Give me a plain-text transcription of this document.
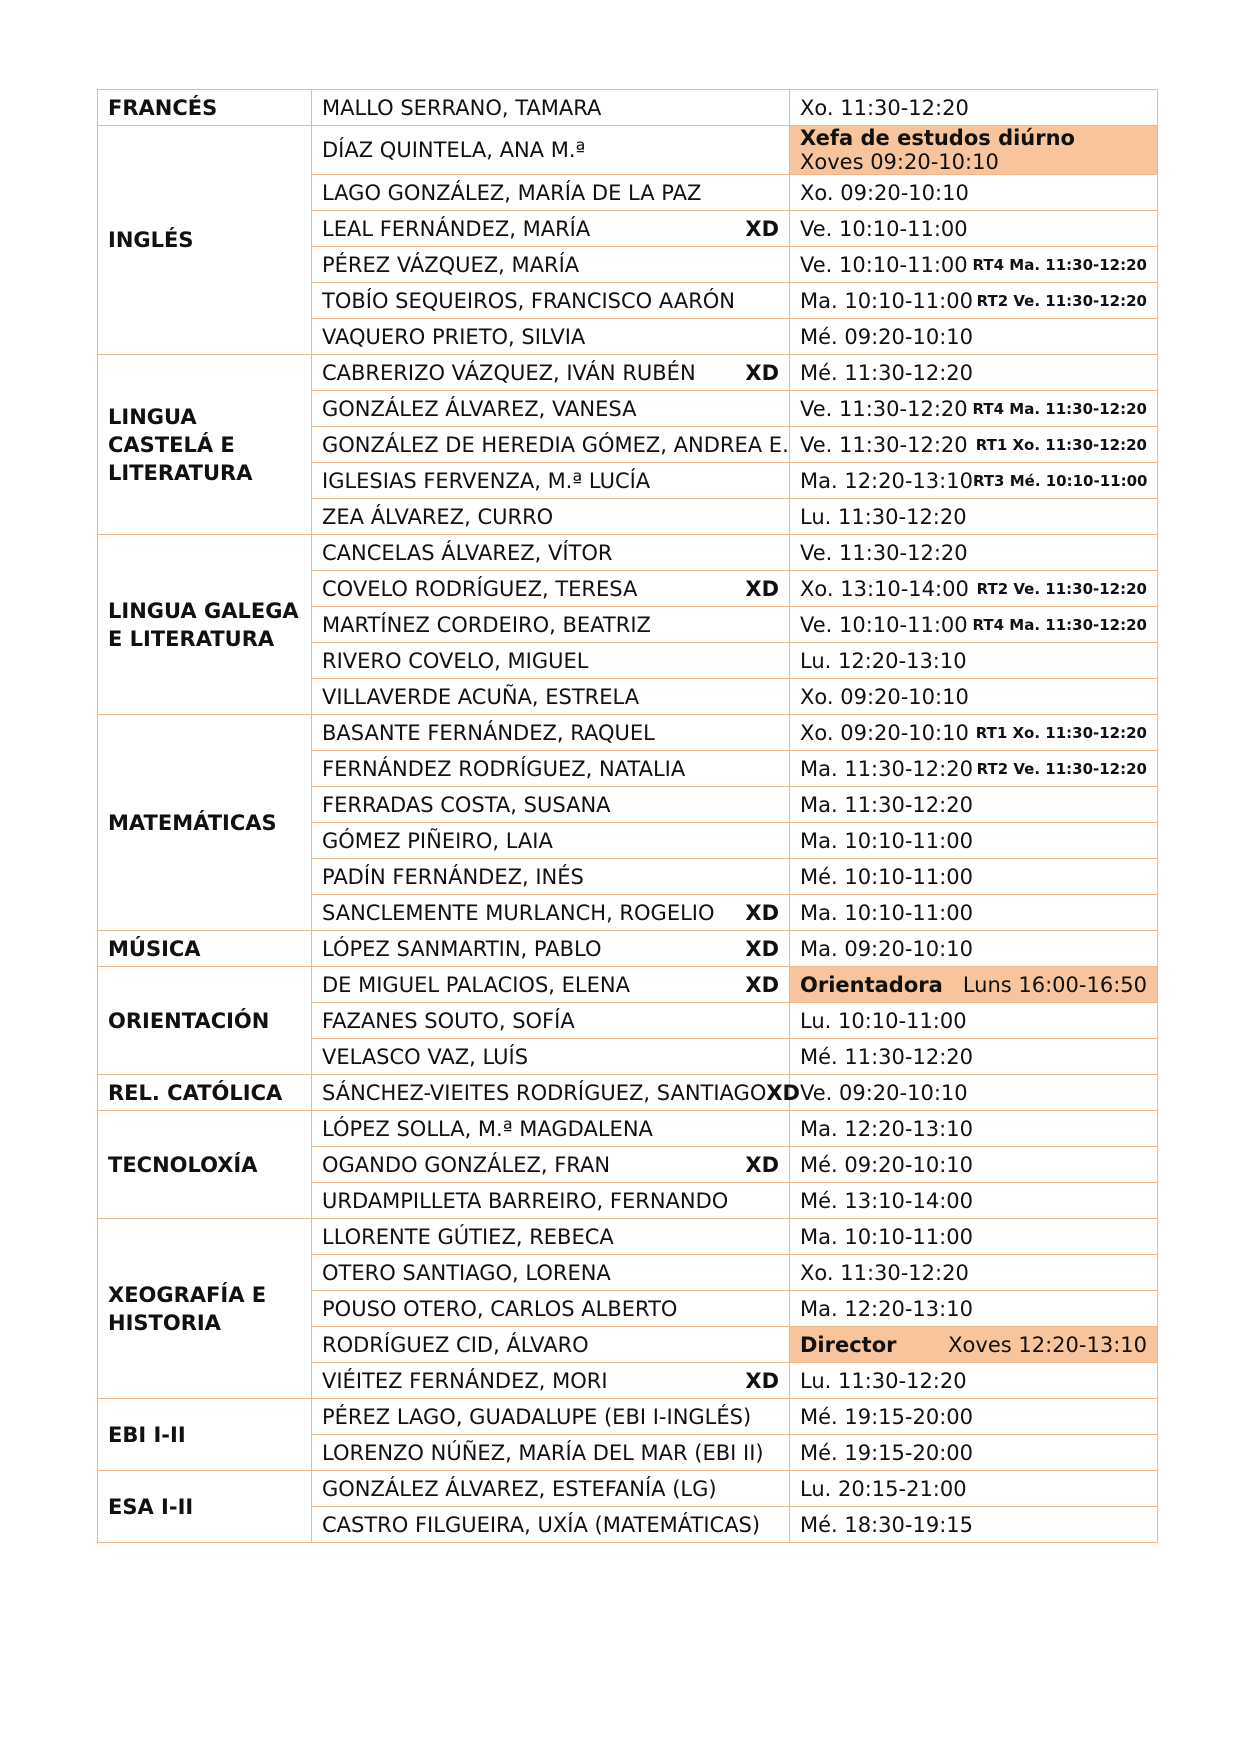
FRANCÉS	MALLO SERRANO, TAMARA	Xo. 11:30-12:20

INGLÉS	DÍAZ QUINTELA, ANA M.ª	Xefa de estudos diúrno
Xoves 09:20-10:10

	LAGO GONZÁLEZ, MARÍA DE LA PAZ	Xo. 09:20-10:10

	LEAL FERNÁNDEZ, MARÍA XD	Ve. 10:10-11:00

	PÉREZ VÁZQUEZ, MARÍA	Ve. 10:10-11:00 RT4 Ma. 11:30-12:20

	TOBÍO SEQUEIROS, FRANCISCO AARÓN	Ma. 10:10-11:00 RT2 Ve. 11:30-12:20

	VAQUERO PRIETO, SILVIA	Mé. 09:20-10:10

LINGUA CASTELÁ E LITERATURA	CABRERIZO VÁZQUEZ, IVÁN RUBÉN XD	Mé. 11:30-12:20

	GONZÁLEZ ÁLVAREZ, VANESA	Ve. 11:30-12:20 RT4 Ma. 11:30-12:20

	GONZÁLEZ DE HEREDIA GÓMEZ, ANDREA E.	Ve. 11:30-12:20 RT1 Xo. 11:30-12:20

	IGLESIAS FERVENZA, M.ª LUCÍA	Ma. 12:20-13:10 RT3 Mé. 10:10-11:00

	ZEA ÁLVAREZ, CURRO	Lu. 11:30-12:20

LINGUA GALEGA E LITERATURA	CANCELAS ÁLVAREZ, VÍTOR	Ve. 11:30-12:20

	COVELO RODRÍGUEZ, TERESA XD	Xo. 13:10-14:00 RT2 Ve. 11:30-12:20

	MARTÍNEZ CORDEIRO, BEATRIZ	Ve. 10:10-11:00 RT4 Ma. 11:30-12:20

	RIVERO COVELO, MIGUEL	Lu. 12:20-13:10

	VILLAVERDE ACUÑA, ESTRELA	Xo. 09:20-10:10

MATEMÁTICAS	BASANTE FERNÁNDEZ, RAQUEL	Xo. 09:20-10:10 RT1 Xo. 11:30-12:20

	FERNÁNDEZ RODRÍGUEZ, NATALIA	Ma. 11:30-12:20 RT2 Ve. 11:30-12:20

	FERRADAS COSTA, SUSANA	Ma. 11:30-12:20

	GÓMEZ PIÑEIRO, LAIA	Ma. 10:10-11:00

	PADÍN FERNÁNDEZ, INÉS	Mé. 10:10-11:00

	SANCLEMENTE MURLANCH, ROGELIO XD	Ma. 10:10-11:00

MÚSICA	LÓPEZ SANMARTIN, PABLO XD	Ma. 09:20-10:10

ORIENTACIÓN	DE MIGUEL PALACIOS, ELENA XD	Orientadora Luns 16:00-16:50

	FAZANES SOUTO, SOFÍA	Lu. 10:10-11:00

	VELASCO VAZ, LUÍS	Mé. 11:30-12:20

REL. CATÓLICA	SÁNCHEZ-VIEITES RODRÍGUEZ, SANTIAGO XD	Ve. 09:20-10:10

TECNOLOXÍA	LÓPEZ SOLLA, M.ª MAGDALENA	Ma. 12:20-13:10

	OGANDO GONZÁLEZ, FRAN XD	Mé. 09:20-10:10

	URDAMPILLETA BARREIRO, FERNANDO	Mé. 13:10-14:00

XEOGRAFÍA E HISTORIA	LLORENTE GÚTIEZ, REBECA	Ma. 10:10-11:00

	OTERO SANTIAGO, LORENA	Xo. 11:30-12:20

	POUSO OTERO, CARLOS ALBERTO	Ma. 12:20-13:10

	RODRÍGUEZ CID, ÁLVARO	Director Xoves 12:20-13:10

	VIÉITEZ FERNÁNDEZ, MORI XD	Lu. 11:30-12:20

EBI I-II	PÉREZ LAGO, GUADALUPE (EBI I-INGLÉS)	Mé. 19:15-20:00

	LORENZO NÚÑEZ, MARÍA DEL MAR (EBI II)	Mé. 19:15-20:00

ESA I-II	GONZÁLEZ ÁLVAREZ, ESTEFANÍA (LG)	Lu. 20:15-21:00

	CASTRO FILGUEIRA, UXÍA (MATEMÁTICAS)	Mé. 18:30-19:15
